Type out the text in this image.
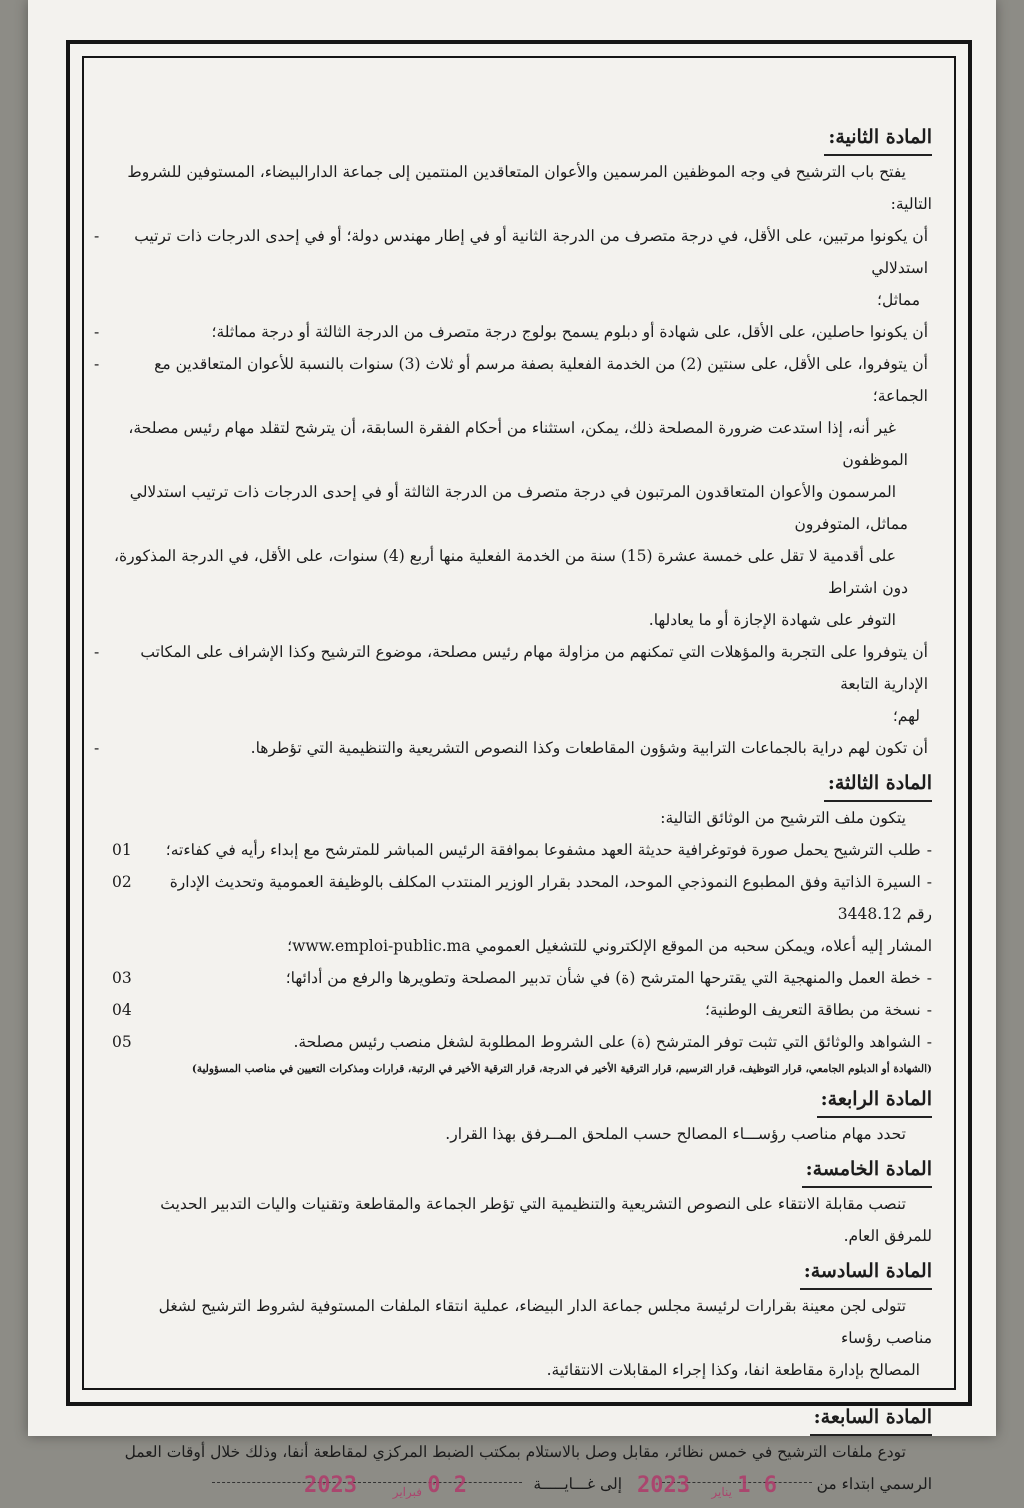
المادة الثانية:

يفتح باب الترشيح في وجه الموظفين المرسمين والأعوان المتعاقدين المنتمين إلى جماعة الدارالبيضاء، المستوفين للشروط التالية:

- أن يكونوا مرتبين، على الأقل، في درجة متصرف من الدرجة الثانية أو في إطار مهندس دولة؛ أو في إحدى الدرجات ذات ترتيب استدلالي

مماثل؛

-	أن يكونوا حاصلين، على الأقل، على شهادة أو دبلوم يسمح بولوج درجة متصرف من الدرجة الثالثة أو درجة مماثلة؛

-	أن يتوفروا، على الأقل، على سنتين (2) من الخدمة الفعلية بصفة مرسم أو ثلاث (3) سنوات بالنسبة للأعوان المتعاقدين مع الجماعة؛

غير أنه، إذا استدعت ضرورة المصلحة ذلك، يمكن، استثناء من أحكام الفقرة السابقة، أن يترشح لتقلد مهام رئيس مصلحة، الموظفون

المرسمون والأعوان المتعاقدون المرتبون في درجة متصرف من الدرجة الثالثة أو في إحدى الدرجات ذات ترتيب استدلالي مماثل، المتوفرون

على أقدمية لا تقل على خمسة عشرة (15) سنة من الخدمة الفعلية منها أربع (4) سنوات، على الأقل، في الدرجة المذكورة، دون اشتراط

التوفر على شهادة الإجازة أو ما يعادلها.

-	أن يتوفروا على التجربة والمؤهلات التي تمكنهم من مزاولة مهام رئيس مصلحة، موضوع الترشيح وكذا الإشراف على المكاتب الإدارية التابعة

لهم؛

-	أن تكون لهم دراية بالجماعات الترابية وشؤون المقاطعات وكذا النصوص التشريعية والتنظيمية التي تؤطرها.

المادة الثالثة:

يتكون ملف الترشيح من الوثائق التالية:

01	-طلب الترشيح يحمل صورة فوتوغرافية حديثة العهد مشفوعا بموافقة الرئيس المباشر للمترشح مع إبداء رأيه في كفاءته؛

02	-السيرة الذاتية وفق المطبوع النموذجي الموحد، المحدد بقرار الوزير المنتدب المكلف بالوظيفة العمومية وتحديث الإدارة رقم 3448.12

المشار إليه أعلاه، ويمكن سحبه من الموقع الإلكتروني للتشغيل العمومي www.emploi-public.ma؛

03	-خطة العمل والمنهجية التي يقترحها المترشح (ة) في شأن تدبير المصلحة وتطويرها والرفع من أدائها؛

04	-نسخة من بطاقة التعريف الوطنية؛

05	-الشواهد والوثائق التي تثبت توفر المترشح (ة) على الشروط المطلوبة لشغل منصب رئيس مصلحة.

(الشهادة أو الدبلوم الجامعي، قرار التوظيف، قرار الترسيم، قرار الترقية الأخير في الدرجة، قرار الترقية الأخير في الرتبة، قرارات ومذكرات التعيين في مناصب المسؤولية)

المادة الرابعة:

تحدد مهام مناصب رؤســـاء المصالح حسب الملحق المــرفق بهذا القرار.

المادة الخامسة:

تنصب مقابلة الانتقاء على النصوص التشريعية والتنظيمية التي تؤطر الجماعة والمقاطعة وتقنيات واليات التدبير الحديث للمرفق العام.

المادة السادسة:

تتولى لجن معينة بقرارات لرئيسة مجلس جماعة الدار البيضاء، عملية انتقاء الملفات المستوفية لشروط الترشيح لشغل مناصب رؤساء

المصالح بإدارة مقاطعة انفا، وكذا إجراء المقابلات الانتقائية.

المادة السابعة:

تودع ملفات الترشيح في خمس نظائر، مقابل وصل بالاستلام بمكتب الضبط المركزي لمقاطعة أنفا، وذلك خلال أوقات العمل

الرسمي ابتداء من
1 6
يناير
2023
إلى غـــايـــــة
0 2
فبراير
2023
